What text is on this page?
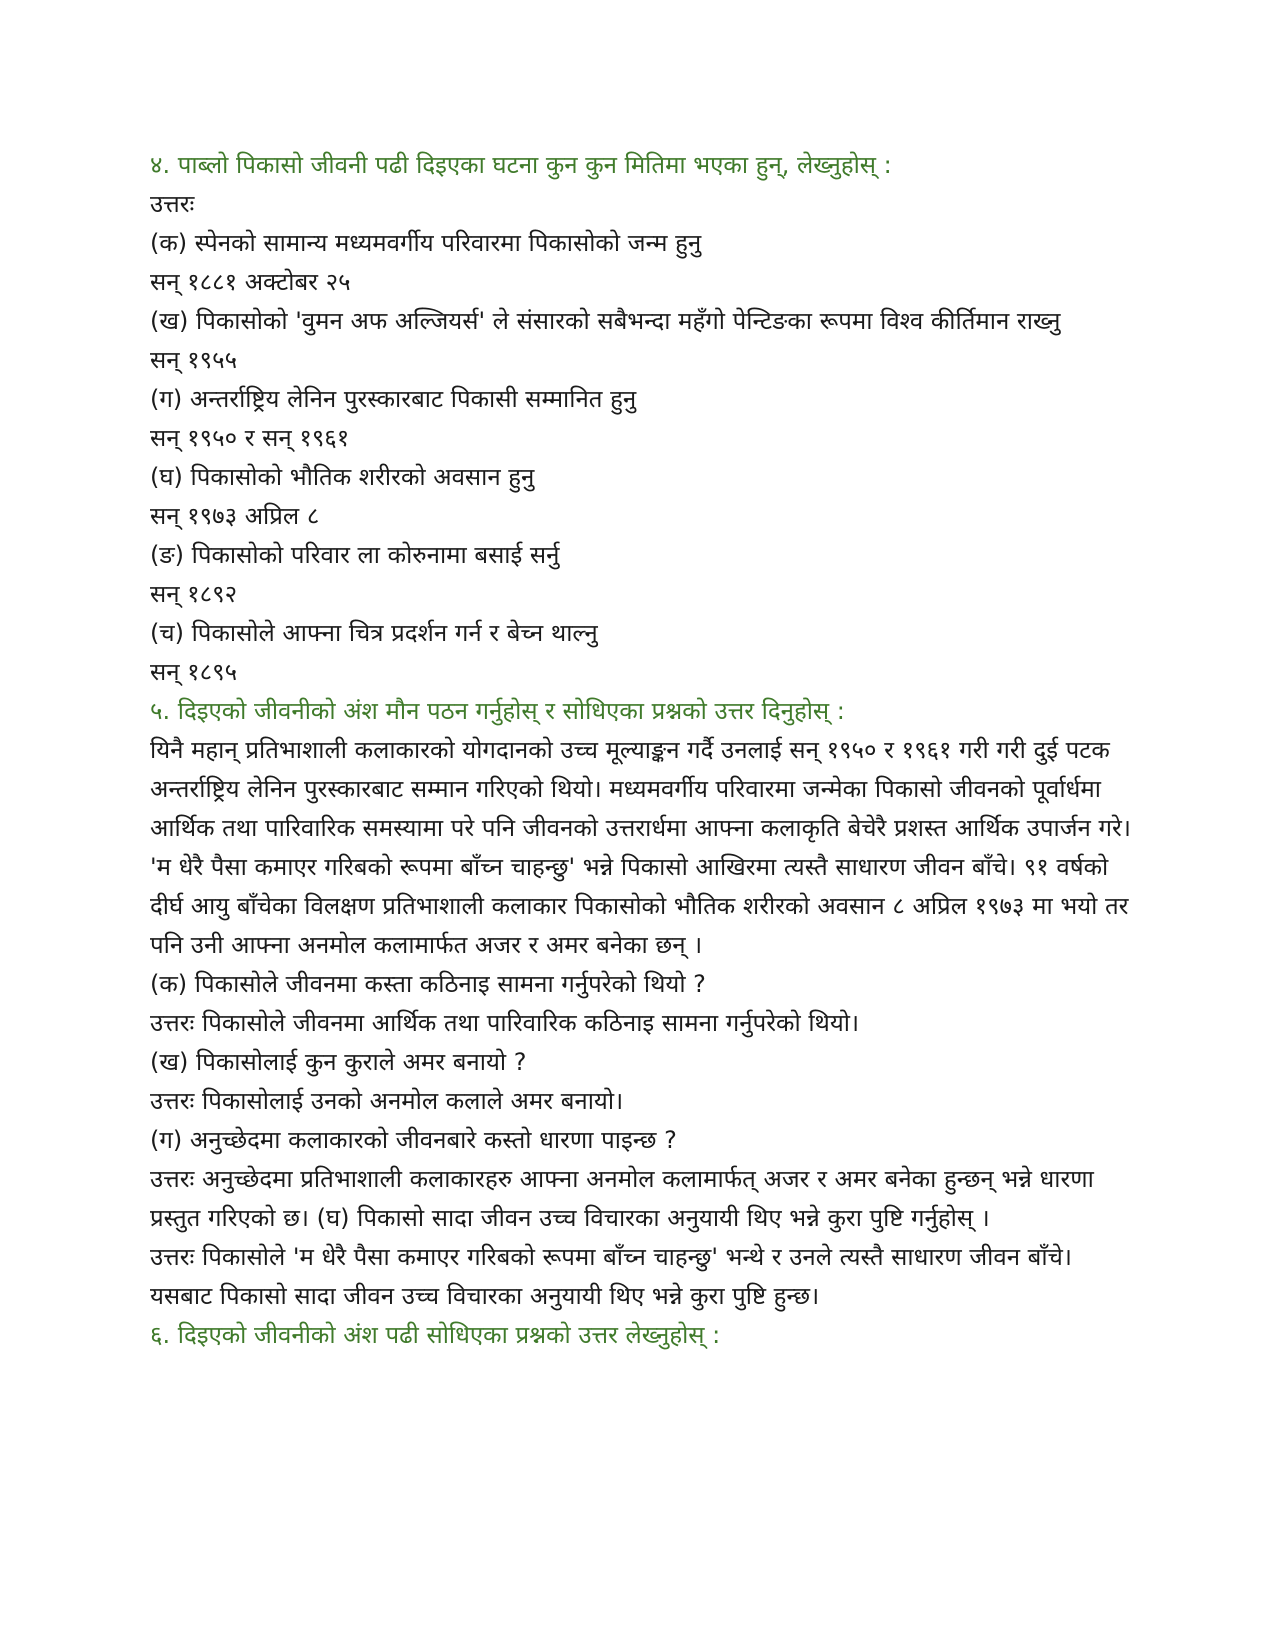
४. पाब्लो पिकासो जीवनी पढी दिइएका घटना कुन कुन मितिमा भएका हुन्, लेख्नुहोस् :
उत्तरः
(क) स्पेनको सामान्य मध्यमवर्गीय परिवारमा पिकासोको जन्म हुनु
सन् १८८१ अक्टोबर २५
(ख) पिकासोको 'वुमन अफ अल्जियर्स' ले संसारको सबैभन्दा महँगो पेन्टिङका रूपमा विश्व कीर्तिमान राख्नु
सन् १९५५
(ग) अन्तर्राष्ट्रिय लेनिन पुरस्कारबाट पिकासी सम्मानित हुनु
सन् १९५० र सन् १९६१
(घ) पिकासोको भौतिक शरीरको अवसान हुनु
सन् १९७३ अप्रिल ८
(ङ) पिकासोको परिवार ला कोरुनामा बसाई सर्नु
सन् १८९२
(च) पिकासोले आफ्ना चित्र प्रदर्शन गर्न र बेच्न थाल्नु
सन् १८९५
५. दिइएको जीवनीको अंश मौन पठन गर्नुहोस् र सोधिएका प्रश्नको उत्तर दिनुहोस् :
यिनै महान् प्रतिभाशाली कलाकारको योगदानको उच्च मूल्याङ्कन गर्दै उनलाई सन् १९५० र १९६१ गरी गरी दुई पटक अन्तर्राष्ट्रिय लेनिन पुरस्कारबाट सम्मान गरिएको थियो। मध्यमवर्गीय परिवारमा जन्मेका पिकासो जीवनको पूर्वार्धमा आर्थिक तथा पारिवारिक समस्यामा परे पनि जीवनको उत्तरार्धमा आफ्ना कलाकृति बेचेरै प्रशस्त आर्थिक उपार्जन गरे। 'म धेरै पैसा कमाएर गरिबको रूपमा बाँच्न चाहन्छु' भन्ने पिकासो आखिरमा त्यस्तै साधारण जीवन बाँचे। ९१ वर्षको दीर्घ आयु बाँचेका विलक्षण प्रतिभाशाली कलाकार पिकासोको भौतिक शरीरको अवसान ८ अप्रिल १९७३ मा भयो तर पनि उनी आफ्ना अनमोल कलामार्फत अजर र अमर बनेका छन् ।
(क) पिकासोले जीवनमा कस्ता कठिनाइ सामना गर्नुपरेको थियो ?
उत्तरः पिकासोले जीवनमा आर्थिक तथा पारिवारिक कठिनाइ सामना गर्नुपरेको थियो।
(ख) पिकासोलाई कुन कुराले अमर बनायो ?
उत्तरः पिकासोलाई उनको अनमोल कलाले अमर बनायो।
(ग) अनुच्छेदमा कलाकारको जीवनबारे कस्तो धारणा पाइन्छ ?
उत्तरः अनुच्छेदमा प्रतिभाशाली कलाकारहरु आफ्ना अनमोल कलामार्फत् अजर र अमर बनेका हुन्छन् भन्ने धारणा प्रस्तुत गरिएको छ। (घ) पिकासो सादा जीवन उच्च विचारका अनुयायी थिए भन्ने कुरा पुष्टि गर्नुहोस् ।
उत्तरः पिकासोले 'म धेरै पैसा कमाएर गरिबको रूपमा बाँच्न चाहन्छु' भन्थे र उनले त्यस्तै साधारण जीवन बाँचे। यसबाट पिकासो सादा जीवन उच्च विचारका अनुयायी थिए भन्ने कुरा पुष्टि हुन्छ।
६. दिइएको जीवनीको अंश पढी सोधिएका प्रश्नको उत्तर लेख्नुहोस् :
